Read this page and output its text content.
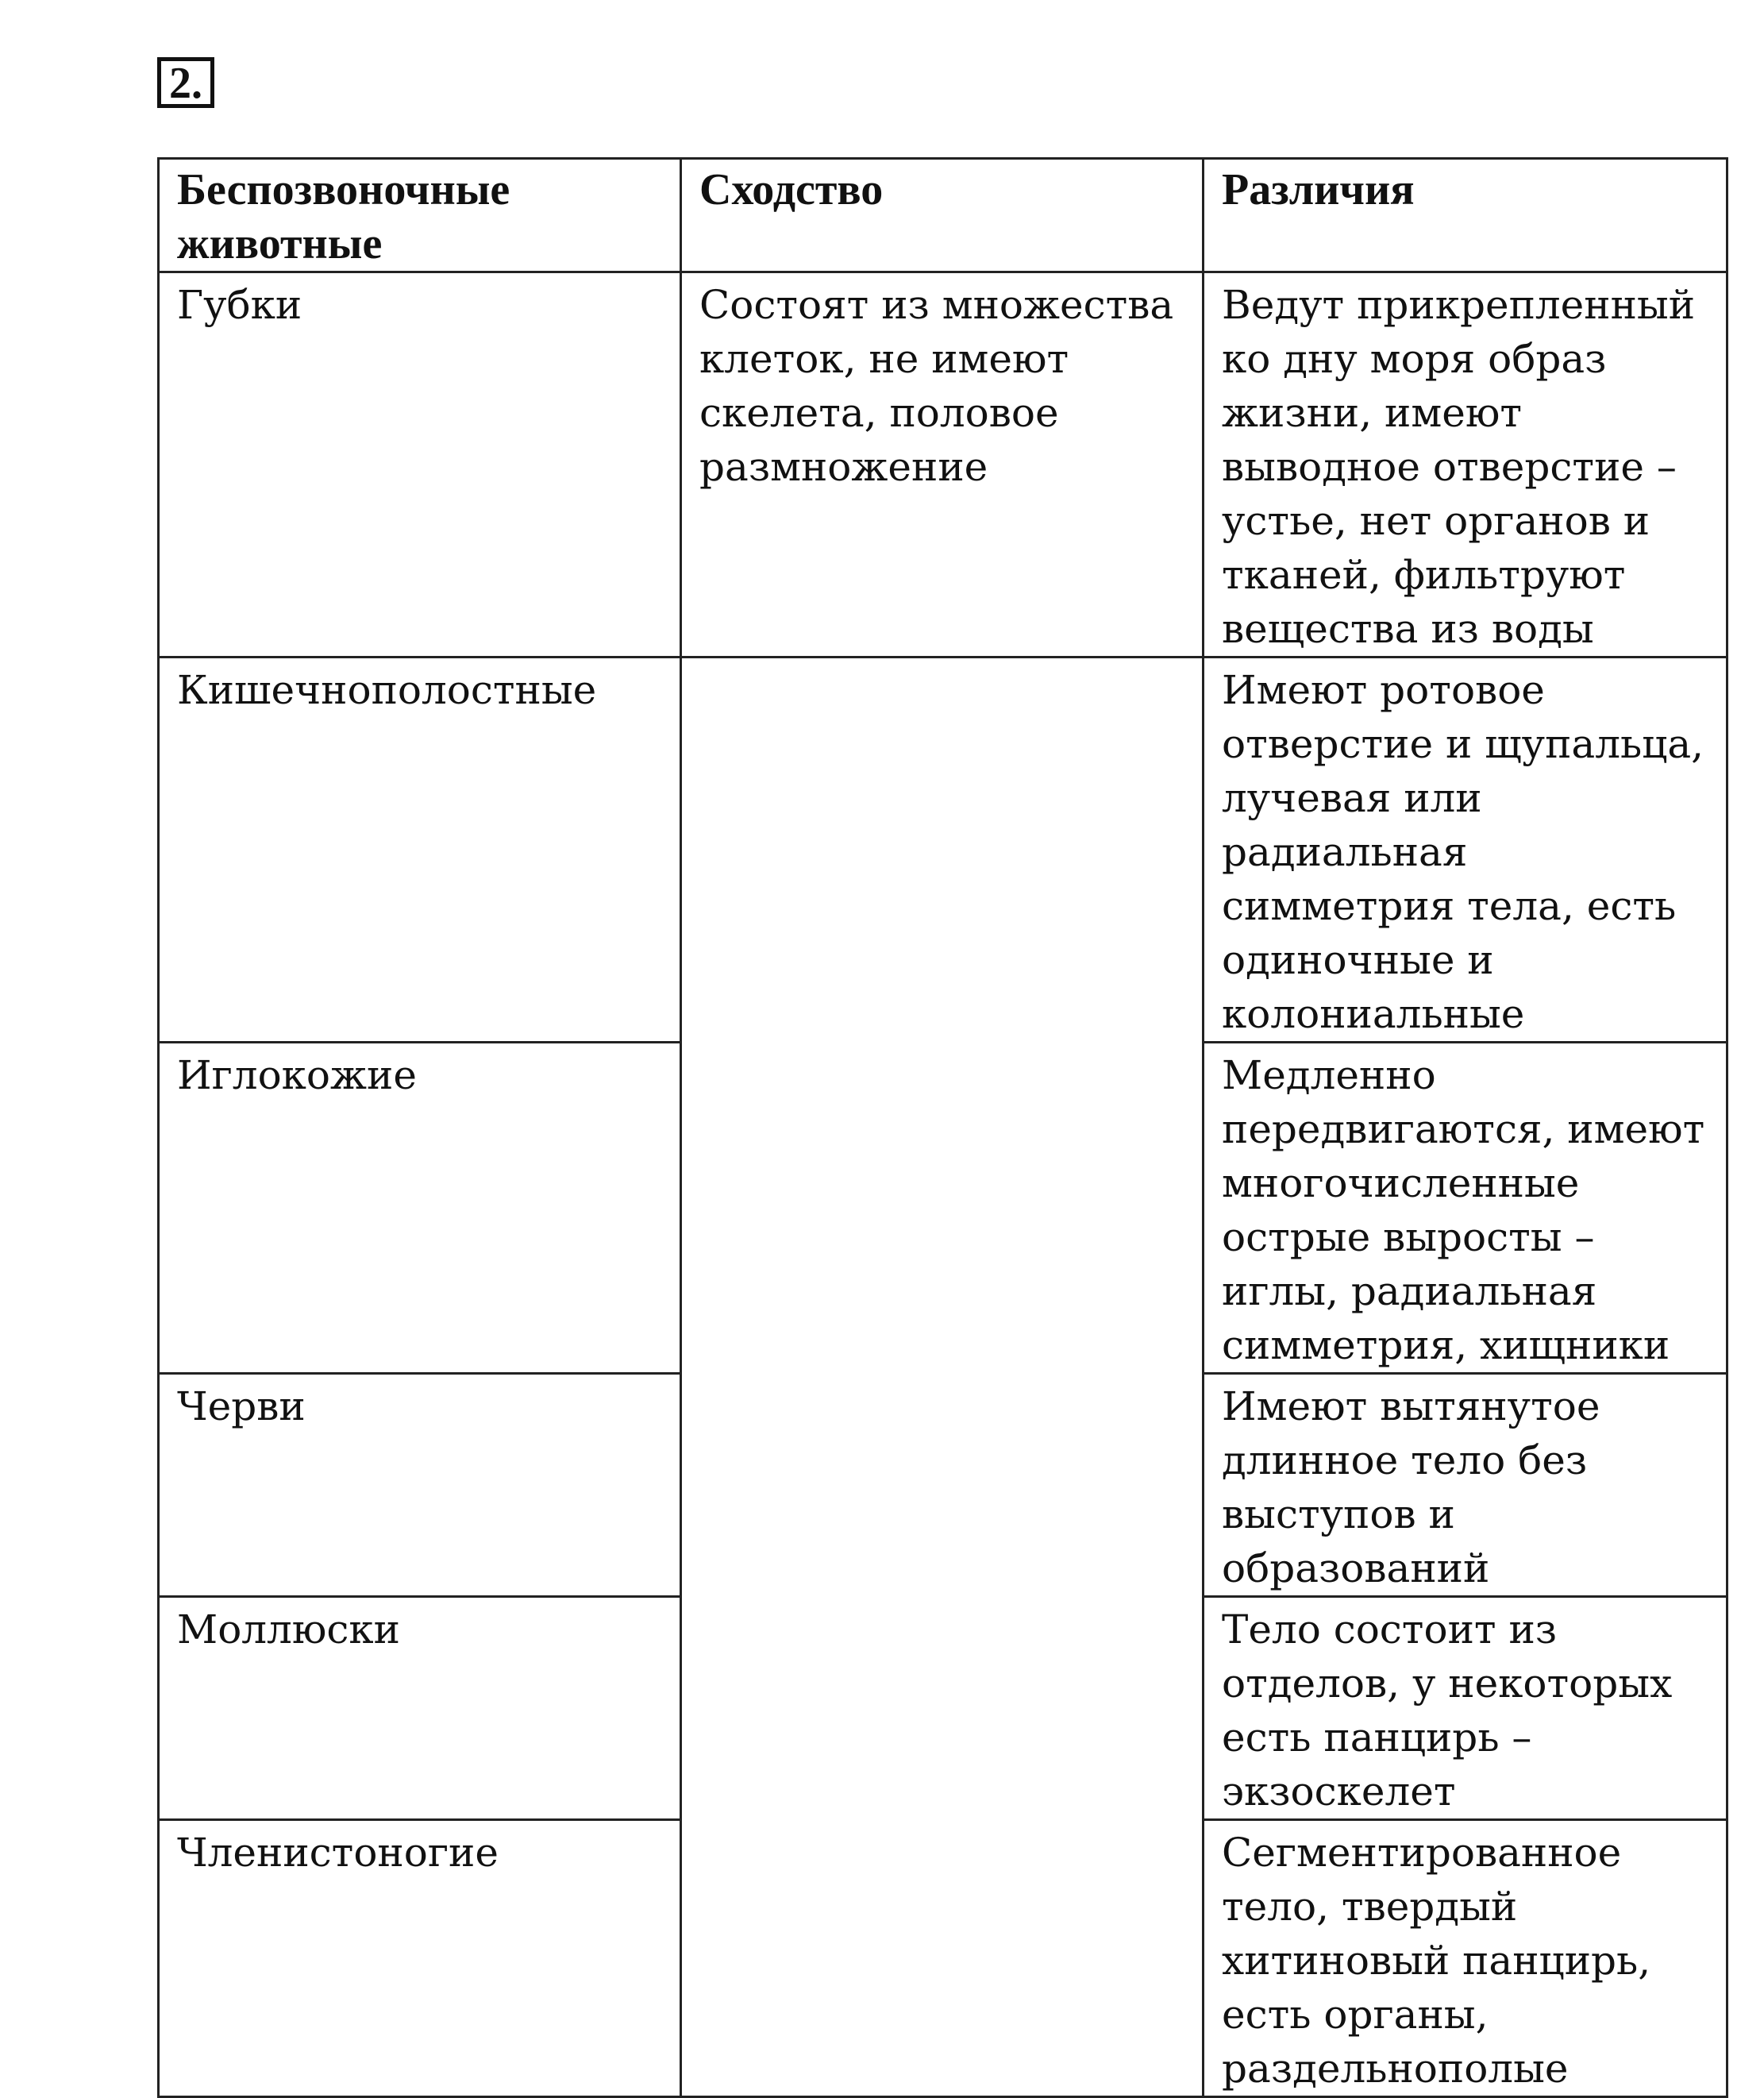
2.
Беспозвоночные животные	Сходство	Различия
Губки	Состоят из множества клеток, не имеют скелета, половое размножение	Ведут прикрепленный ко дну моря образ жизни, имеют выводное отверстие – устье, нет органов и тканей, фильтруют вещества из воды
Кишечнополостные		Имеют ротовое отверстие и щупальца, лучевая или радиальная симметрия тела, есть одиночные и колониальные
Иглокожие		Медленно передвигаются, имеют многочисленные острые выросты – иглы, радиальная симметрия, хищники
Черви		Имеют вытянутое длинное тело без выступов и образований
Моллюски		Тело состоит из отделов, у некоторых есть панцирь – экзоскелет
Членистоногие		Сегментированное тело, твердый хитиновый панцирь, есть органы, раздельнополые
